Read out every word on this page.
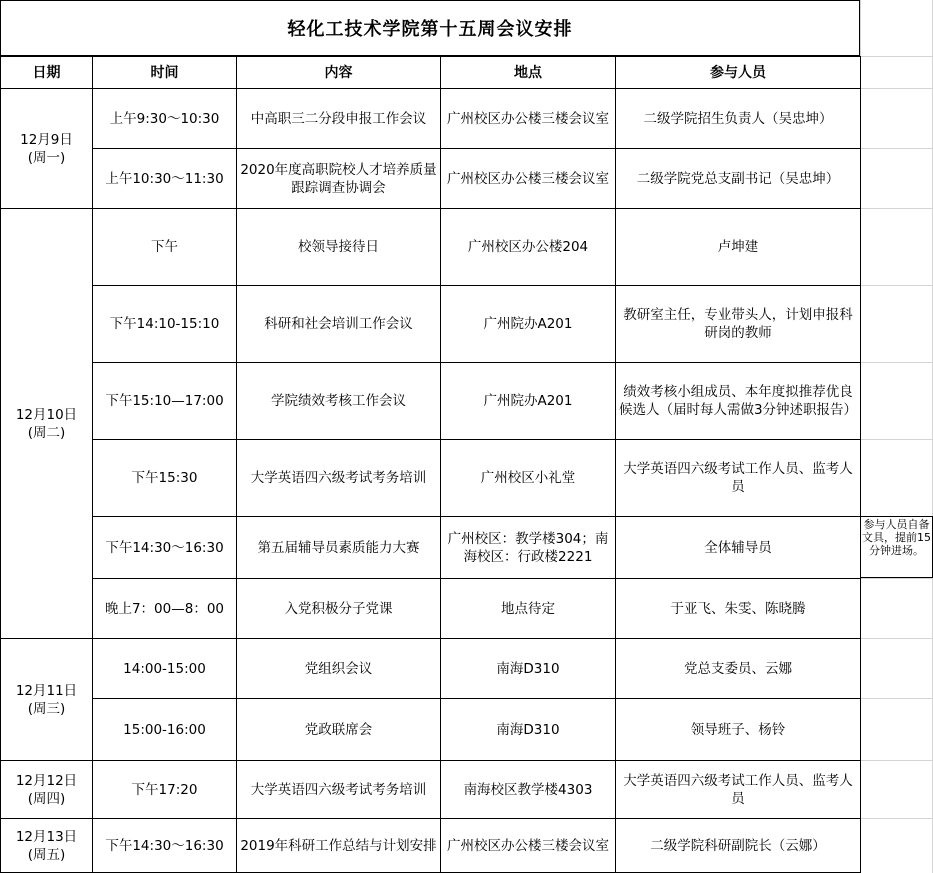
轻化工技术学院第十五周会议安排
日期	时间	内容	地点	参与人员
12月9日
(周一)	上午9:30～10:30	中高职三二分段申报工作会议	广州校区办公楼三楼会议室	二级学院招生负责人（吴忠坤）
	上午10:30～11:30	2020年度高职院校人才培养质量跟踪调查协调会	广州校区办公楼三楼会议室	二级学院党总支副书记（吴忠坤）
12月10日
(周二)	下午	校领导接待日	广州校区办公楼204	卢坤建
	下午14:10-15:10	科研和社会培训工作会议	广州院办A201	教研室主任，专业带头人，计划申报科研岗的教师
	下午15:10—17:00	学院绩效考核工作会议	广州院办A201	绩效考核小组成员、本年度拟推荐优良候选人（届时每人需做3分钟述职报告）
	下午15:30	大学英语四六级考试考务培训	广州校区小礼堂	大学英语四六级考试工作人员、监考人员
	下午14:30～16:30	第五届辅导员素质能力大赛	广州校区：教学楼304；南海校区：行政楼2221	全体辅导员
	晚上7：00—8：00	入党积极分子党课	地点待定	于亚飞、朱雯、陈晓腾
12月11日
(周三)	14:00-15:00	党组织会议	南海D310	党总支委员、云娜
	15:00-16:00	党政联席会	南海D310	领导班子、杨铃
12月12日
(周四)	下午17:20	大学英语四六级考试考务培训	南海校区教学楼4303	大学英语四六级考试工作人员、监考人员
12月13日
(周五)	下午14:30～16:30	2019年科研工作总结与计划安排	广州校区办公楼三楼会议室	二级学院科研副院长（云娜）
参与人员自备文具，提前15分钟进场。
